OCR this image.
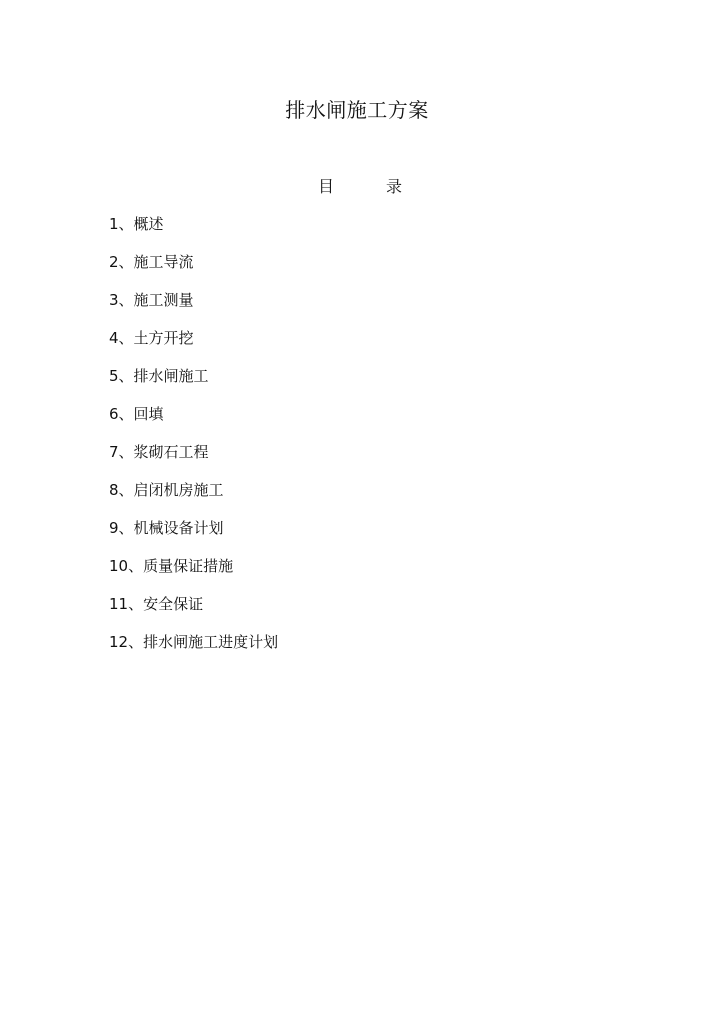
排水闸施工方案
目	录
1、概述
2、施工导流
3、施工测量
4、土方开挖
5、排水闸施工
6、回填
7、浆砌石工程
8、启闭机房施工
9、机械设备计划
10、质量保证措施
11、安全保证
12、排水闸施工进度计划
